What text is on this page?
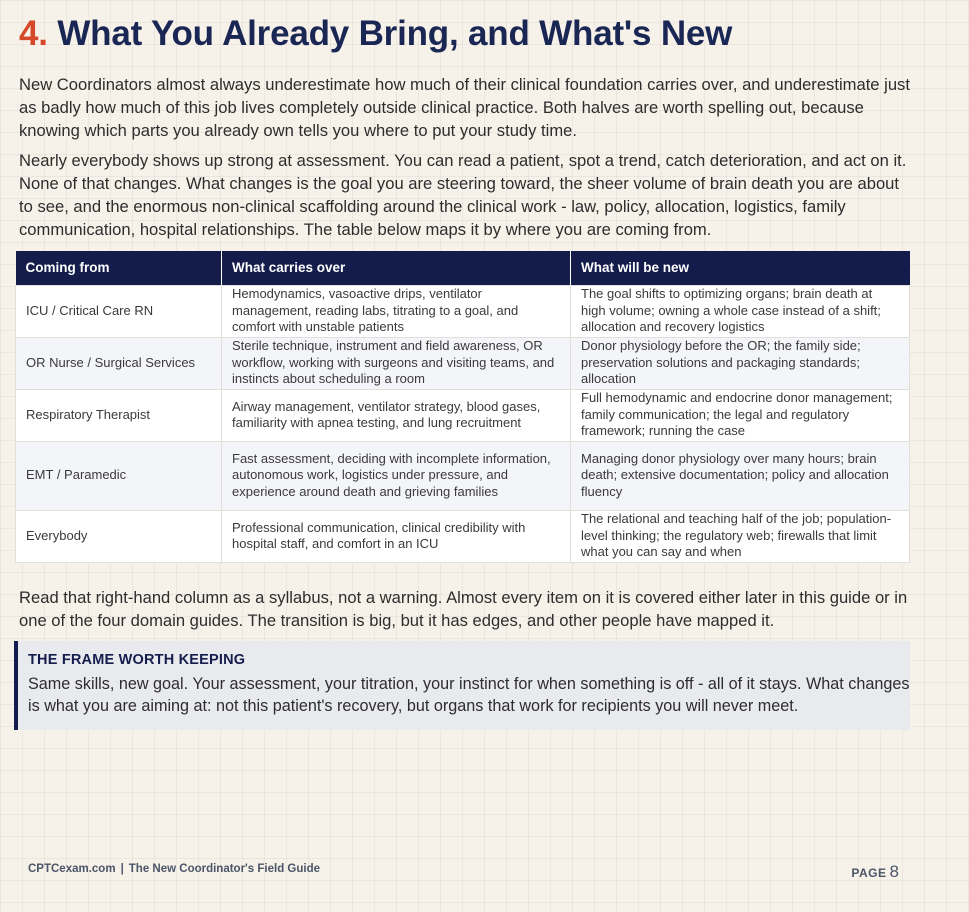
4. What You Already Bring, and What's New

New Coordinators almost always underestimate how much of their clinical foundation carries over, and underestimate just as badly how much of this job lives completely outside clinical practice. Both halves are worth spelling out, because knowing which parts you already own tells you where to put your study time.

Nearly everybody shows up strong at assessment. You can read a patient, spot a trend, catch deterioration, and act on it. None of that changes. What changes is the goal you are steering toward, the sheer volume of brain death you are about to see, and the enormous non-clinical scaffolding around the clinical work - law, policy, allocation, logistics, family communication, hospital relationships. The table below maps it by where you are coming from.

Coming from	What carries over	What will be new
ICU / Critical Care RN	Hemodynamics, vasoactive drips, ventilator management, reading labs, titrating to a goal, and comfort with unstable patients	The goal shifts to optimizing organs; brain death at high volume; owning a whole case instead of a shift; allocation and recovery logistics
OR Nurse / Surgical Services	Sterile technique, instrument and field awareness, OR workflow, working with surgeons and visiting teams, and instincts about scheduling a room	Donor physiology before the OR; the family side; preservation solutions and packaging standards; allocation
Respiratory Therapist	Airway management, ventilator strategy, blood gases, familiarity with apnea testing, and lung recruitment	Full hemodynamic and endocrine donor management; family communication; the legal and regulatory framework; running the case
EMT / Paramedic	Fast assessment, deciding with incomplete information, autonomous work, logistics under pressure, and experience around death and grieving families	Managing donor physiology over many hours; brain death; extensive documentation; policy and allocation fluency
Everybody	Professional communication, clinical credibility with hospital staff, and comfort in an ICU	The relational and teaching half of the job; population-level thinking; the regulatory web; firewalls that limit what you can say and when

Read that right-hand column as a syllabus, not a warning. Almost every item on it is covered either later in this guide or in one of the four domain guides. The transition is big, but it has edges, and other people have mapped it.

THE FRAME WORTH KEEPING
Same skills, new goal. Your assessment, your titration, your instinct for when something is off - all of it stays. What changes is what you are aiming at: not this patient's recovery, but organs that work for recipients you will never meet.
CPTCexam.com | The New Coordinator's Field Guide	PAGE 8
